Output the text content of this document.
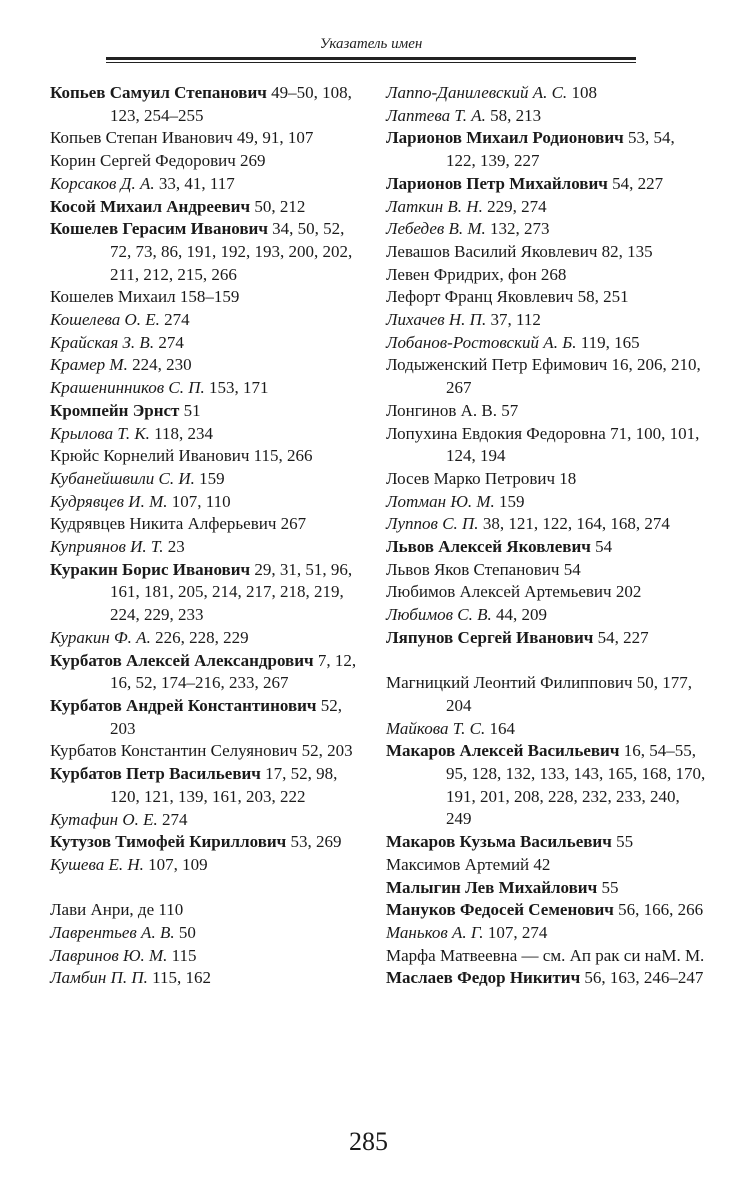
Указатель имен
Копьев Самуил Степанович 49–50, 108, 123, 254–255
Копьев Степан Иванович 49, 91, 107
Корин Сергей Федорович 269
Корсаков Д. А. 33, 41, 117
Косой Михаил Андреевич 50, 212
Кошелев Герасим Иванович 34, 50, 52, 72, 73, 86, 191, 192, 193, 200, 202, 211, 212, 215, 266
Кошелев Михаил 158–159
Кошелева О. Е. 274
Крайская З. В. 274
Крамер М. 224, 230
Крашенинников С. П. 153, 171
Кромпейн Эрнст 51
Крылова Т. К. 118, 234
Крюйс Корнелий Иванович 115, 266
Кубанейшвили С. И. 159
Кудрявцев И. М. 107, 110
Кудрявцев Никита Алферьевич 267
Куприянов И. Т. 23
Куракин Борис Иванович 29, 31, 51, 96, 161, 181, 205, 214, 217, 218, 219, 224, 229, 233
Куракин Ф. А. 226, 228, 229
Курбатов Алексей Александрович 7, 12, 16, 52, 174–216, 233, 267
Курбатов Андрей Константинович 52, 203
Курбатов Константин Селуянович 52, 203
Курбатов Петр Васильевич 17, 52, 98, 120, 121, 139, 161, 203, 222
Кутафин О. Е. 274
Кутузов Тимофей Кириллович 53, 269
Кушева Е. Н. 107, 109
Лави Анри, де 110
Лаврентьев А. В. 50
Лавринов Ю. М. 115
Ламбин П. П. 115, 162
Лаппо-Данилевский А. С. 108
Лаптева Т. А. 58, 213
Ларионов Михаил Родионович 53, 54, 122, 139, 227
Ларионов Петр Михайлович 54, 227
Латкин В. Н. 229, 274
Лебедев В. М. 132, 273
Левашов Василий Яковлевич 82, 135
Левен Фридрих, фон 268
Лефорт Франц Яковлевич 58, 251
Лихачев Н. П. 37, 112
Лобанов-Ростовский А. Б. 119, 165
Лодыженский Петр Ефимович 16, 206, 210, 267
Лонгинов А. В. 57
Лопухина Евдокия Федоровна 71, 100, 101, 124, 194
Лосев Марко Петрович 18
Лотман Ю. М. 159
Луппов С. П. 38, 121, 122, 164, 168, 274
Львов Алексей Яковлевич 54
Львов Яков Степанович 54
Любимов Алексей Артемьевич 202
Любимов С. В. 44, 209
Ляпунов Сергей Иванович 54, 227
Магницкий Леонтий Филиппович 50, 177, 204
Майкова Т. С. 164
Макаров Алексей Васильевич 16, 54–55, 95, 128, 132, 133, 143, 165, 168, 170, 191, 201, 208, 228, 232, 233, 240, 249
Макаров Кузьма Васильевич 55
Максимов Артемий 42
Малыгин Лев Михайлович 55
Мануков Федосей Семенович 56, 166, 266
Маньков А. Г. 107, 274
Марфа Матвеевна — см. Ап рак си наМ. М.
Маслаев Федор Никитич 56, 163, 246–247
285
